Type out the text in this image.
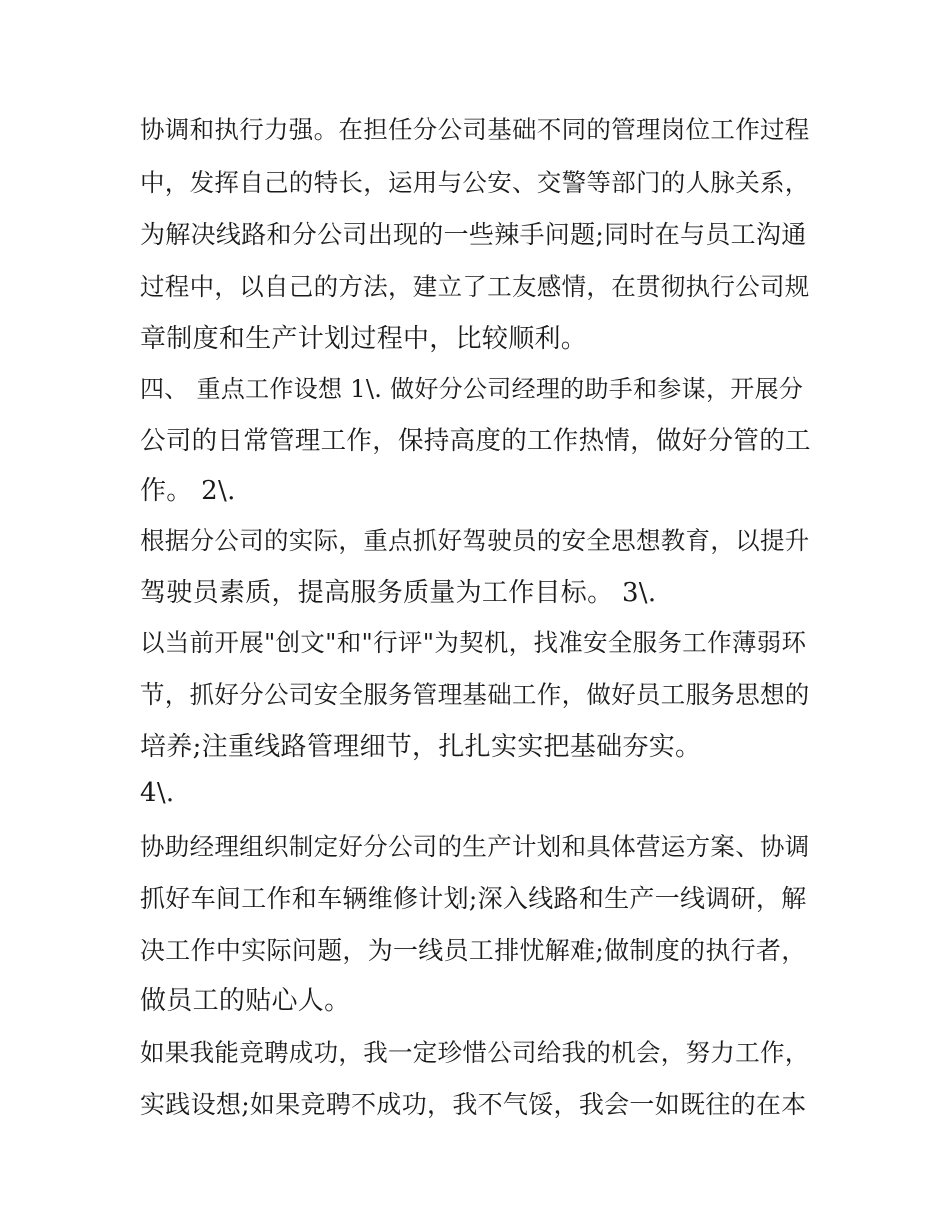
协调和执行力强。在担任分公司基础不同的管理岗位工作过程

中，发挥自己的特长，运用与公安、交警等部门的人脉关系，

为解决线路和分公司出现的一些辣手问题;同时在与员工沟通

过程中，以自己的方法，建立了工友感情，在贯彻执行公司规

章制度和生产计划过程中，比较顺利。

四、 重点工作设想 1\. 做好分公司经理的助手和参谋，开展分

公司的日常管理工作，保持高度的工作热情，做好分管的工

作。 2\.

根据分公司的实际，重点抓好驾驶员的安全思想教育，以提升

驾驶员素质，提高服务质量为工作目标。 3\.

以当前开展"创文"和"行评"为契机，找准安全服务工作薄弱环

节，抓好分公司安全服务管理基础工作，做好员工服务思想的

培养;注重线路管理细节，扎扎实实把基础夯实。

4\.

协助经理组织制定好分公司的生产计划和具体营运方案、协调

抓好车间工作和车辆维修计划;深入线路和生产一线调研，解

决工作中实际问题，为一线员工排忧解难;做制度的执行者，

做员工的贴心人。

如果我能竞聘成功，我一定珍惜公司给我的机会，努力工作，

实践设想;如果竞聘不成功，我不气馁，我会一如既往的在本
